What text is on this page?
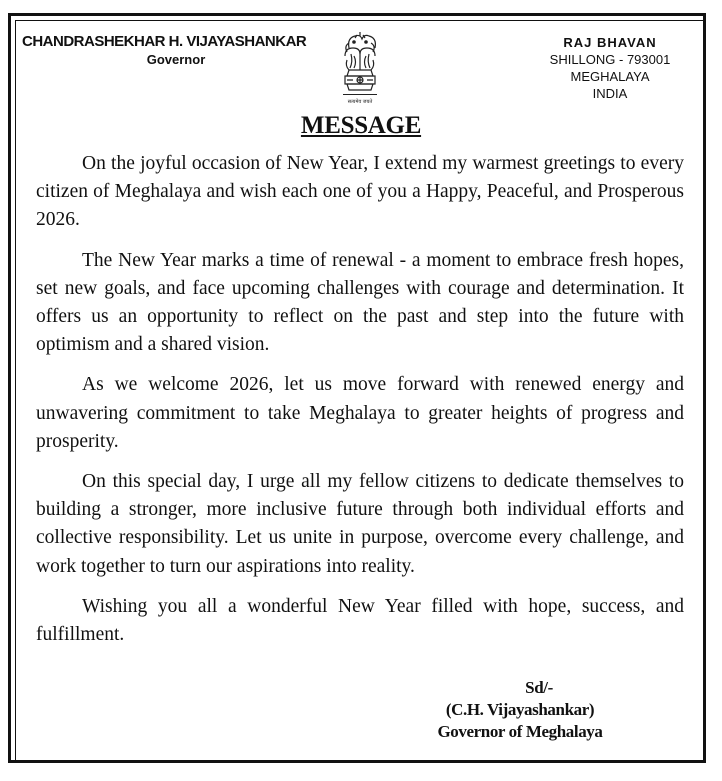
CHANDRASHEKHAR H. VIJAYASHANKAR
Governor
सत्यमेव जयते
RAJ BHAVAN
SHILLONG - 793001
MEGHALAYA
INDIA
MESSAGE

On the joyful occasion of New Year, I extend my warmest greetings to every citizen of Meghalaya and wish each one of you a Happy, Peaceful, and Prosperous 2026.

The New Year marks a time of renewal - a moment to embrace fresh hopes, set new goals, and face upcoming challenges with courage and determination. It offers us an opportunity to reflect on the past and step into the future with optimism and a shared vision.

As we welcome 2026, let us move forward with renewed energy and unwavering commitment to take Meghalaya to greater heights of progress and prosperity.

On this special day, I urge all my fellow citizens to dedicate themselves to building a stronger, more inclusive future through both individual efforts and collective responsibility. Let us unite in purpose, overcome every challenge, and work together to turn our aspirations into reality.

Wishing you all a wonderful New Year filled with hope, success, and fulfillment.

Sd/-
(C.H. Vijayashankar)
Governor of Meghalaya
